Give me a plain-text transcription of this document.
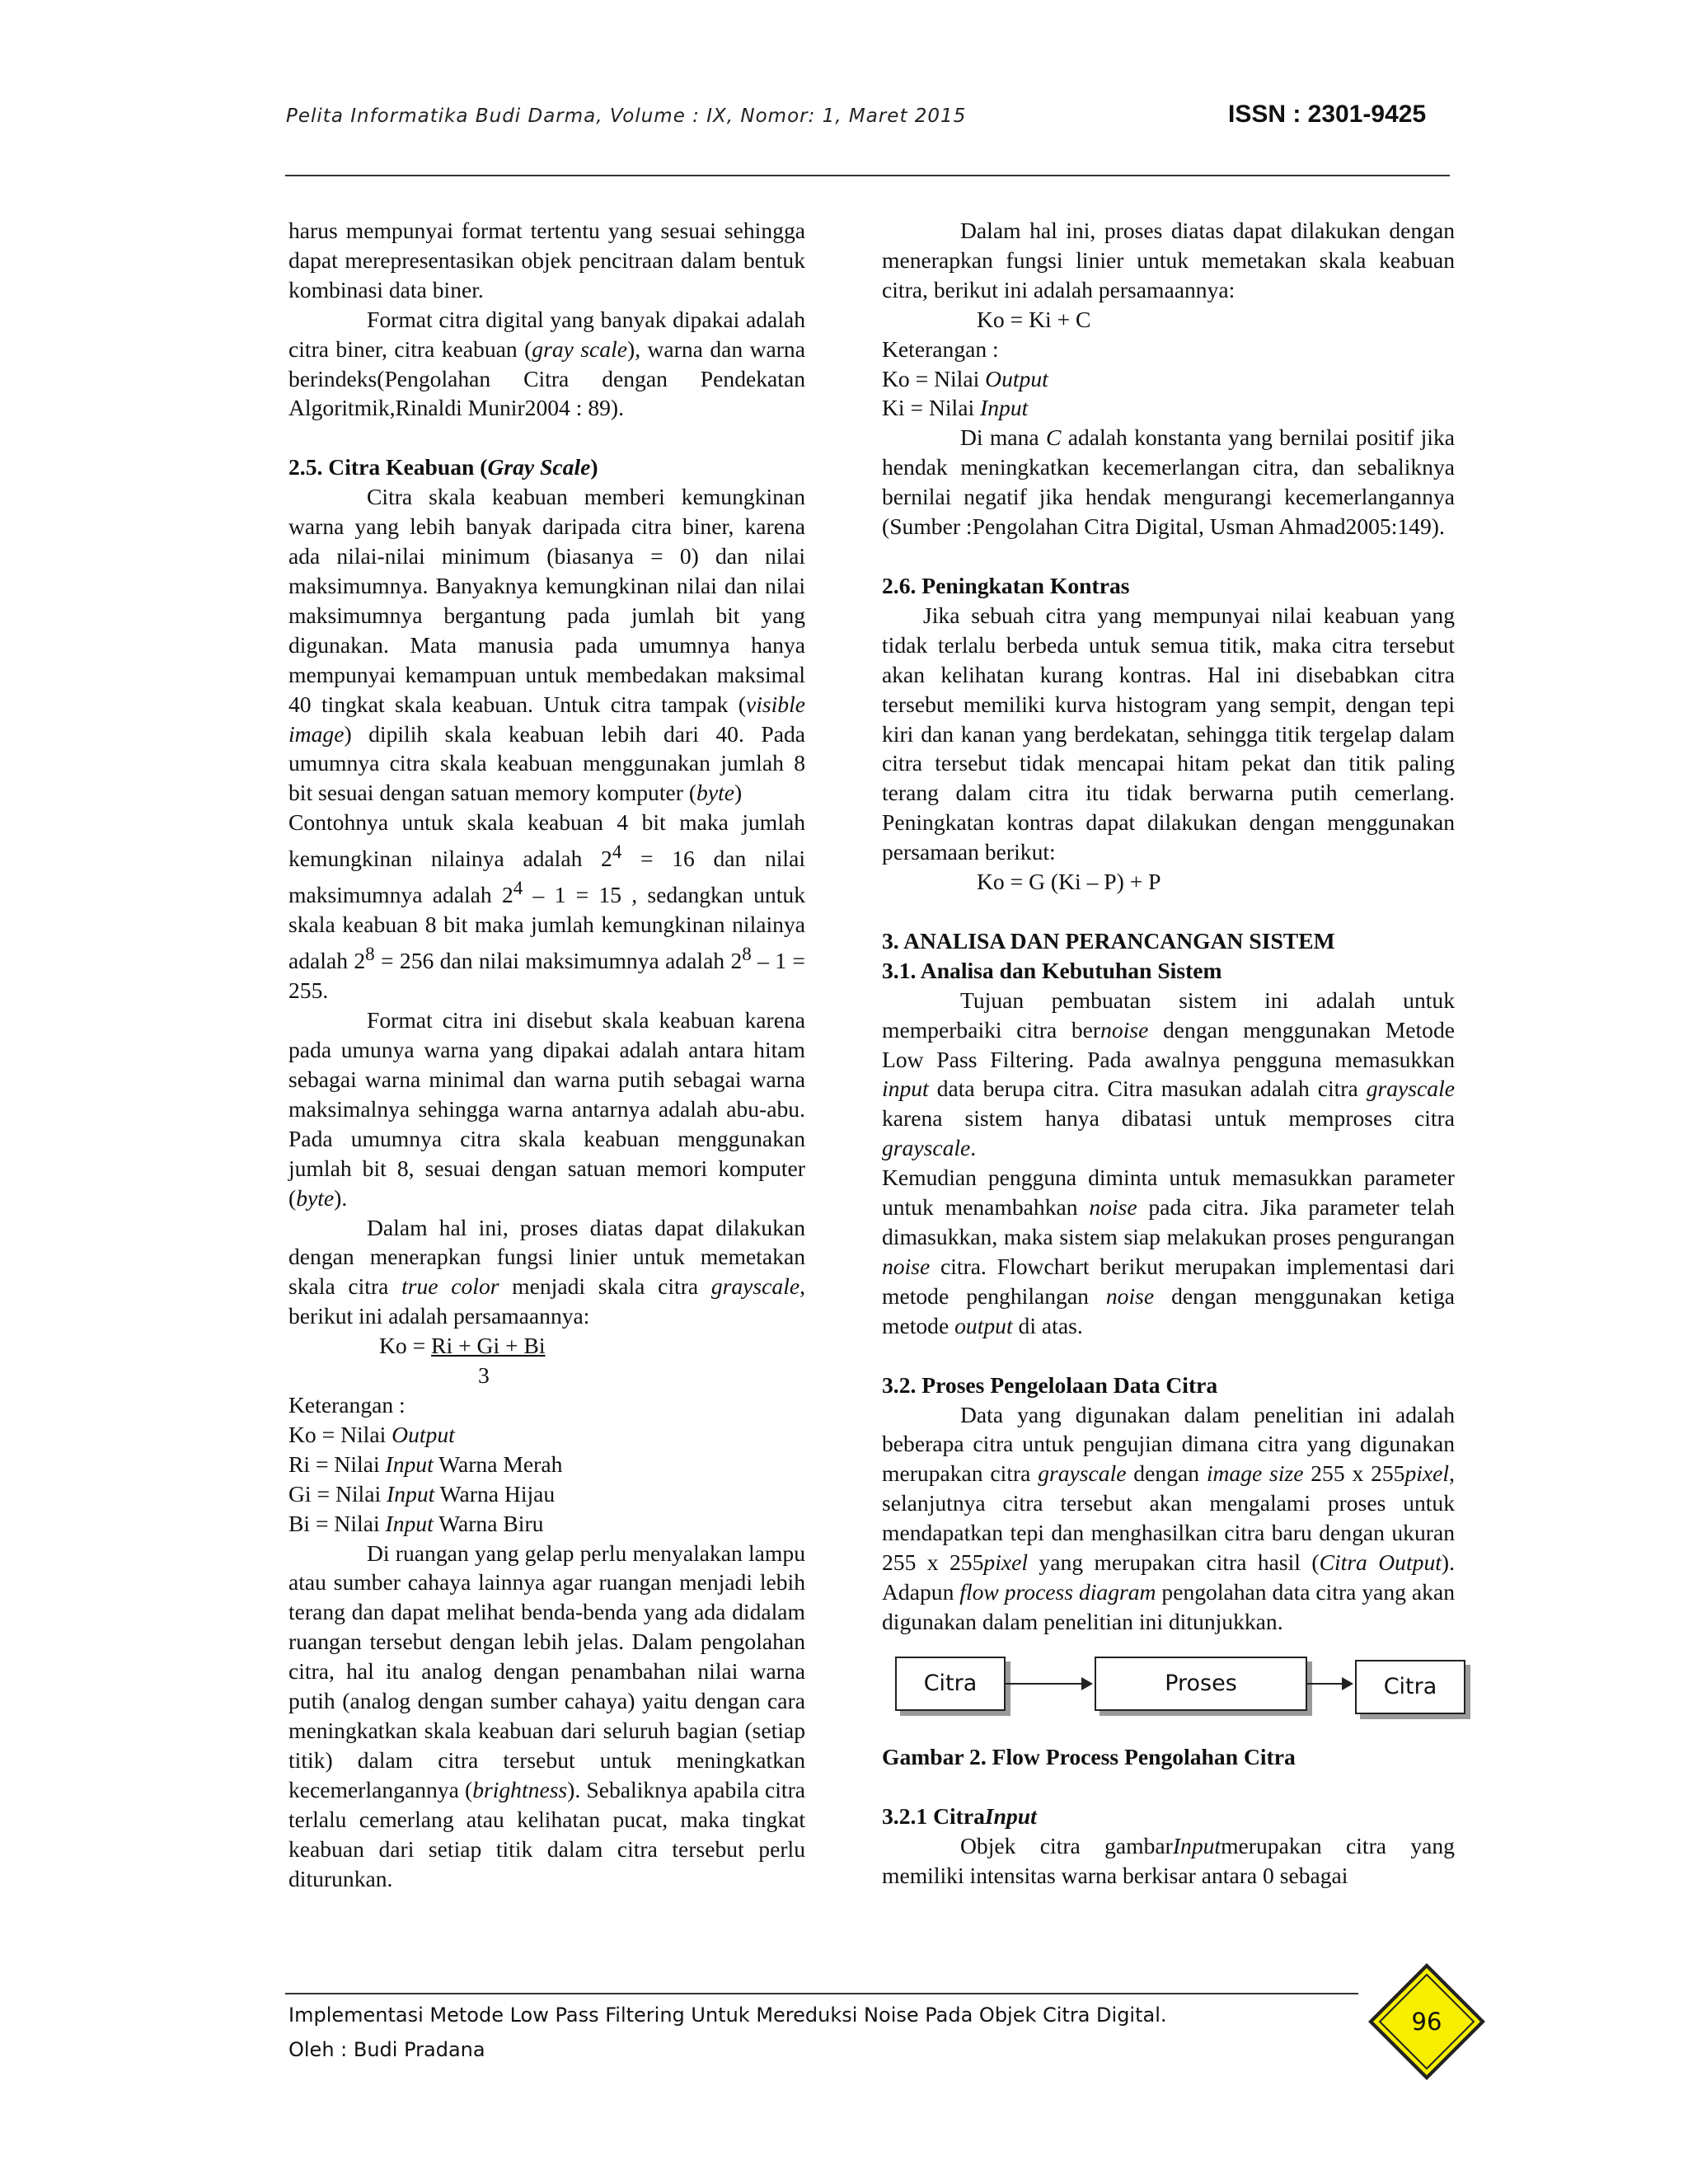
Pelita Informatika Budi Darma, Volume : IX, Nomor: 1, Maret 2015	ISSN : 2301-9425

harus mempunyai format tertentu yang sesuai sehingga dapat merepresentasikan objek pencitraan dalam bentuk kombinasi data biner.

Format citra digital yang banyak dipakai adalah citra biner, citra keabuan (gray scale), warna dan warna berindeks(Pengolahan Citra dengan Pendekatan Algoritmik,Rinaldi Munir2004 : 89).

2.5. Citra Keabuan (Gray Scale)

Citra skala keabuan memberi kemungkinan warna yang lebih banyak daripada citra biner, karena ada nilai-nilai minimum (biasanya = 0) dan nilai maksimumnya. Banyaknya kemungkinan nilai dan nilai maksimumnya bergantung pada jumlah bit yang digunakan. Mata manusia pada umumnya hanya mempunyai kemampuan untuk membedakan maksimal 40 tingkat skala keabuan. Untuk citra tampak (visible image) dipilih skala keabuan lebih dari 40. Pada umumnya citra skala keabuan menggunakan jumlah 8 bit sesuai dengan satuan memory komputer (byte)

Contohnya untuk skala keabuan 4 bit maka jumlah kemungkinan nilainya adalah $2^4 = 16$ dan nilai maksimumnya adalah $2^4 - 1 = 15$ , sedangkan untuk skala keabuan 8 bit maka jumlah kemungkinan nilainya adalah $2^8 = 256$ dan nilai maksimumnya adalah $2^8 - 1 = 255$.

Format citra ini disebut skala keabuan karena pada umunya warna yang dipakai adalah antara hitam sebagai warna minimal dan warna putih sebagai warna maksimalnya sehingga warna antarnya adalah abu-abu. Pada umumnya citra skala keabuan menggunakan jumlah bit 8, sesuai dengan satuan memori komputer (byte).

Dalam hal ini, proses diatas dapat dilakukan dengan menerapkan fungsi linier untuk memetakan skala citra true color menjadi skala citra grayscale, berikut ini adalah persamaannya:

Ko = Ri + Gi + Bi

3

Keterangan :

Ko = Nilai Output

Ri = Nilai Input Warna Merah

Gi = Nilai Input Warna Hijau

Bi = Nilai Input Warna Biru

Di ruangan yang gelap perlu menyalakan lampu atau sumber cahaya lainnya agar ruangan menjadi lebih terang dan dapat melihat benda-benda yang ada didalam ruangan tersebut dengan lebih jelas. Dalam pengolahan citra, hal itu analog dengan penambahan nilai warna putih (analog dengan sumber cahaya) yaitu dengan cara meningkatkan skala keabuan dari seluruh bagian (setiap titik) dalam citra tersebut untuk meningkatkan kecemerlangannya (brightness). Sebaliknya apabila citra terlalu cemerlang atau kelihatan pucat, maka tingkat keabuan dari setiap titik dalam citra tersebut perlu diturunkan.

Dalam hal ini, proses diatas dapat dilakukan dengan menerapkan fungsi linier untuk memetakan skala keabuan citra, berikut ini adalah persamaannya:

Ko = Ki + C

Keterangan :

Ko = Nilai Output

Ki = Nilai Input

Di mana C adalah konstanta yang bernilai positif jika hendak meningkatkan kecemerlangan citra, dan sebaliknya bernilai negatif jika hendak mengurangi kecemerlangannya (Sumber :Pengolahan Citra Digital, Usman Ahmad2005:149).

2.6. Peningkatan Kontras

Jika sebuah citra yang mempunyai nilai keabuan yang tidak terlalu berbeda untuk semua titik, maka citra tersebut akan kelihatan kurang kontras. Hal ini disebabkan citra tersebut memiliki kurva histogram yang sempit, dengan tepi kiri dan kanan yang berdekatan, sehingga titik tergelap dalam citra tersebut tidak mencapai hitam pekat dan titik paling terang dalam citra itu tidak berwarna putih cemerlang. Peningkatan kontras dapat dilakukan dengan menggunakan persamaan berikut:

Ko = G (Ki – P) + P

3. ANALISA DAN PERANCANGAN SISTEM

3.1. Analisa dan Kebutuhan Sistem

Tujuan pembuatan sistem ini adalah untuk memperbaiki citra bernoise dengan menggunakan Metode Low Pass Filtering. Pada awalnya pengguna memasukkan input data berupa citra. Citra masukan adalah citra grayscale karena sistem hanya dibatasi untuk memproses citra grayscale.

Kemudian pengguna diminta untuk memasukkan parameter untuk menambahkan noise pada citra. Jika parameter telah dimasukkan, maka sistem siap melakukan proses pengurangan noise citra. Flowchart berikut merupakan implementasi dari metode penghilangan noise dengan menggunakan ketiga metode output di atas.

3.2. Proses Pengelolaan Data Citra

Data yang digunakan dalam penelitian ini adalah beberapa citra untuk pengujian dimana citra yang digunakan merupakan citra grayscale dengan image size 255 x 255pixel, selanjutnya citra tersebut akan mengalami proses untuk mendapatkan tepi dan menghasilkan citra baru dengan ukuran 255 x 255pixel yang merupakan citra hasil (Citra Output). Adapun flow process diagram pengolahan data citra yang akan digunakan dalam penelitian ini ditunjukkan.

Citra	Proses	Citra

Gambar 2. Flow Process Pengolahan Citra

3.2.1 CitraInput

Objek citra gambarInputmerupakan citra yang memiliki intensitas warna berkisar antara 0 sebagai

Implementasi Metode Low Pass Filtering Untuk Mereduksi Noise Pada Objek Citra Digital.
Oleh : Budi Pradana
96
